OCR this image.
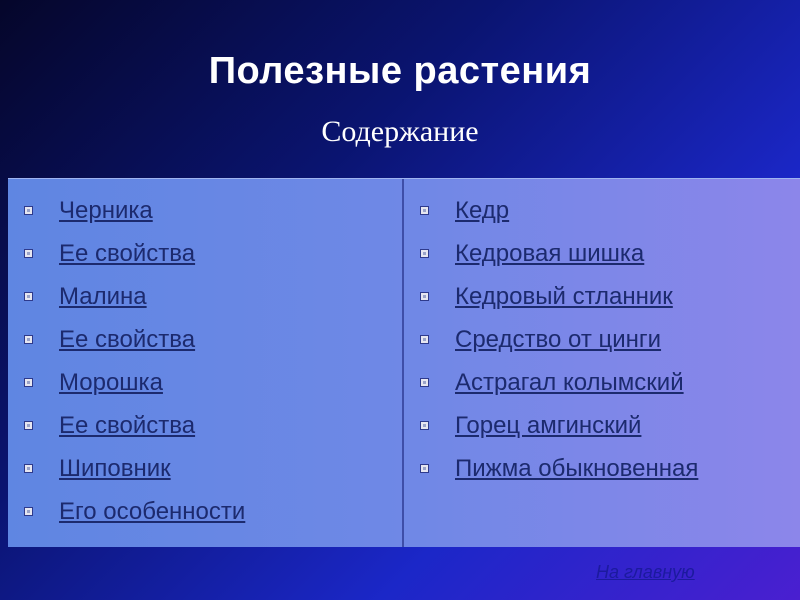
Полезные растения
Содержание
Черника
Ее свойства
Малина
Ее свойства
Морошка
Ее свойства
Шиповник
Его особенности
Кедр
Кедровая шишка
Кедровый стланник
Средство от цинги
Астрагал колымский
Горец амгинский
Пижма обыкновенная
На главную
